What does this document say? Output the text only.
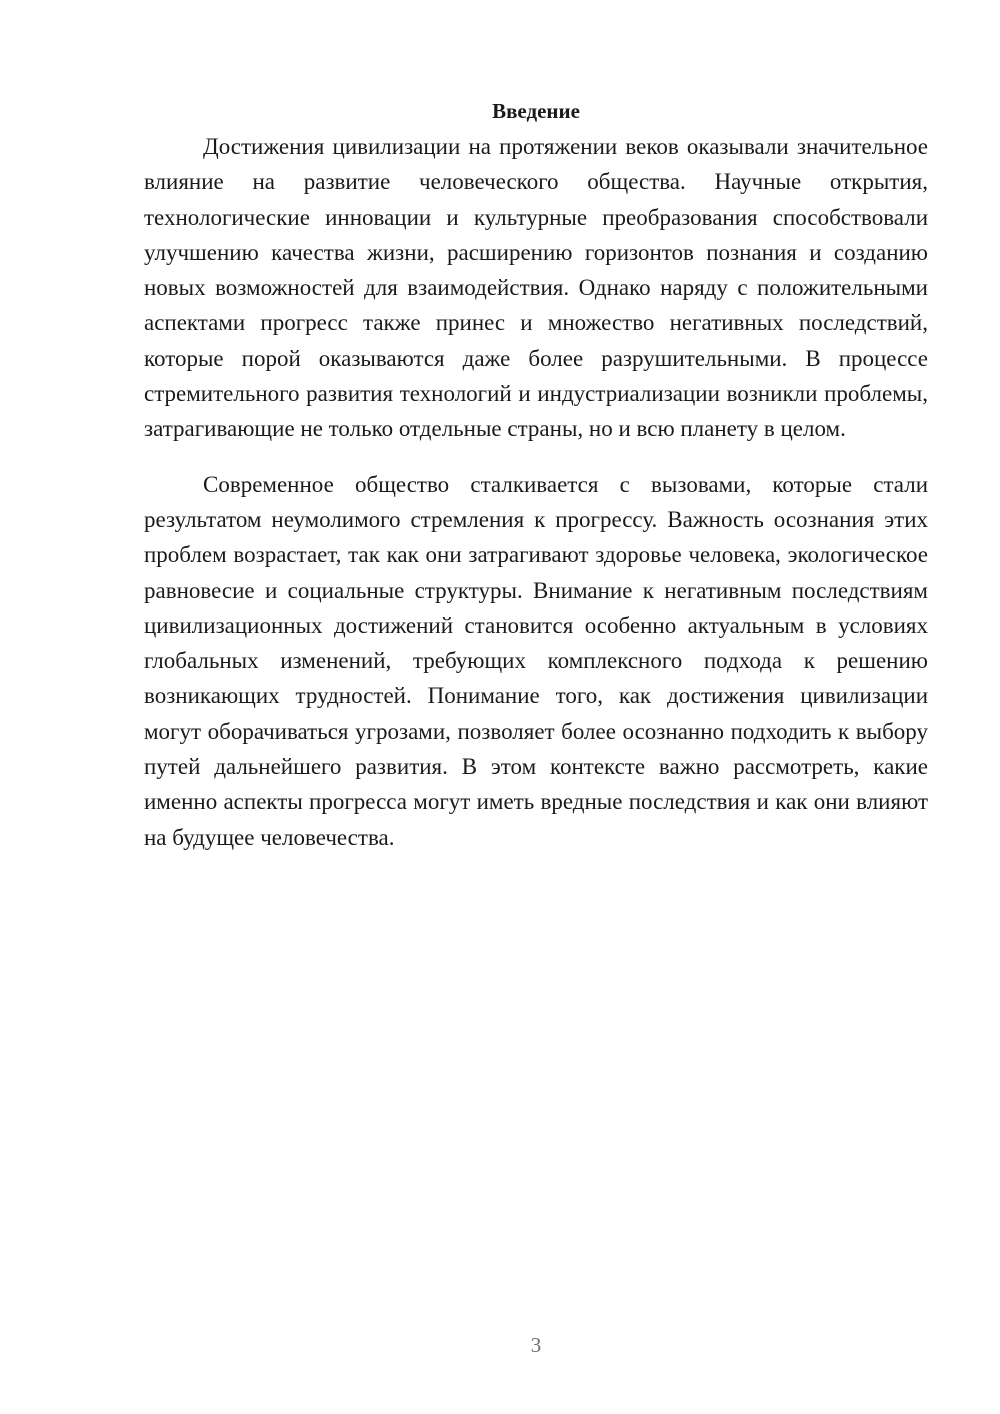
Введение

Достижения цивилизации на протяжении веков оказывали значительное влияние на развитие человеческого общества. Научные открытия, технологические инновации и культурные преобразования способствовали улучшению качества жизни, расширению горизонтов познания и созданию новых возможностей для взаимодействия. Однако наряду с положительными аспектами прогресс также принес и множество негативных последствий, которые порой оказываются даже более разрушительными. В процессе стремительного развития технологий и индустриализации возникли проблемы, затрагивающие не только отдельные страны, но и всю планету в целом.

Современное общество сталкивается с вызовами, которые стали результатом неумолимого стремления к прогрессу. Важность осознания этих проблем возрастает, так как они затрагивают здоровье человека, экологическое равновесие и социальные структуры. Внимание к негативным последствиям цивилизационных достижений становится особенно актуальным в условиях глобальных изменений, требующих комплексного подхода к решению возникающих трудностей. Понимание того, как достижения цивилизации могут оборачиваться угрозами, позволяет более осознанно подходить к выбору путей дальнейшего развития. В этом контексте важно рассмотреть, какие именно аспекты прогресса могут иметь вредные последствия и как они влияют на будущее человечества.

3
